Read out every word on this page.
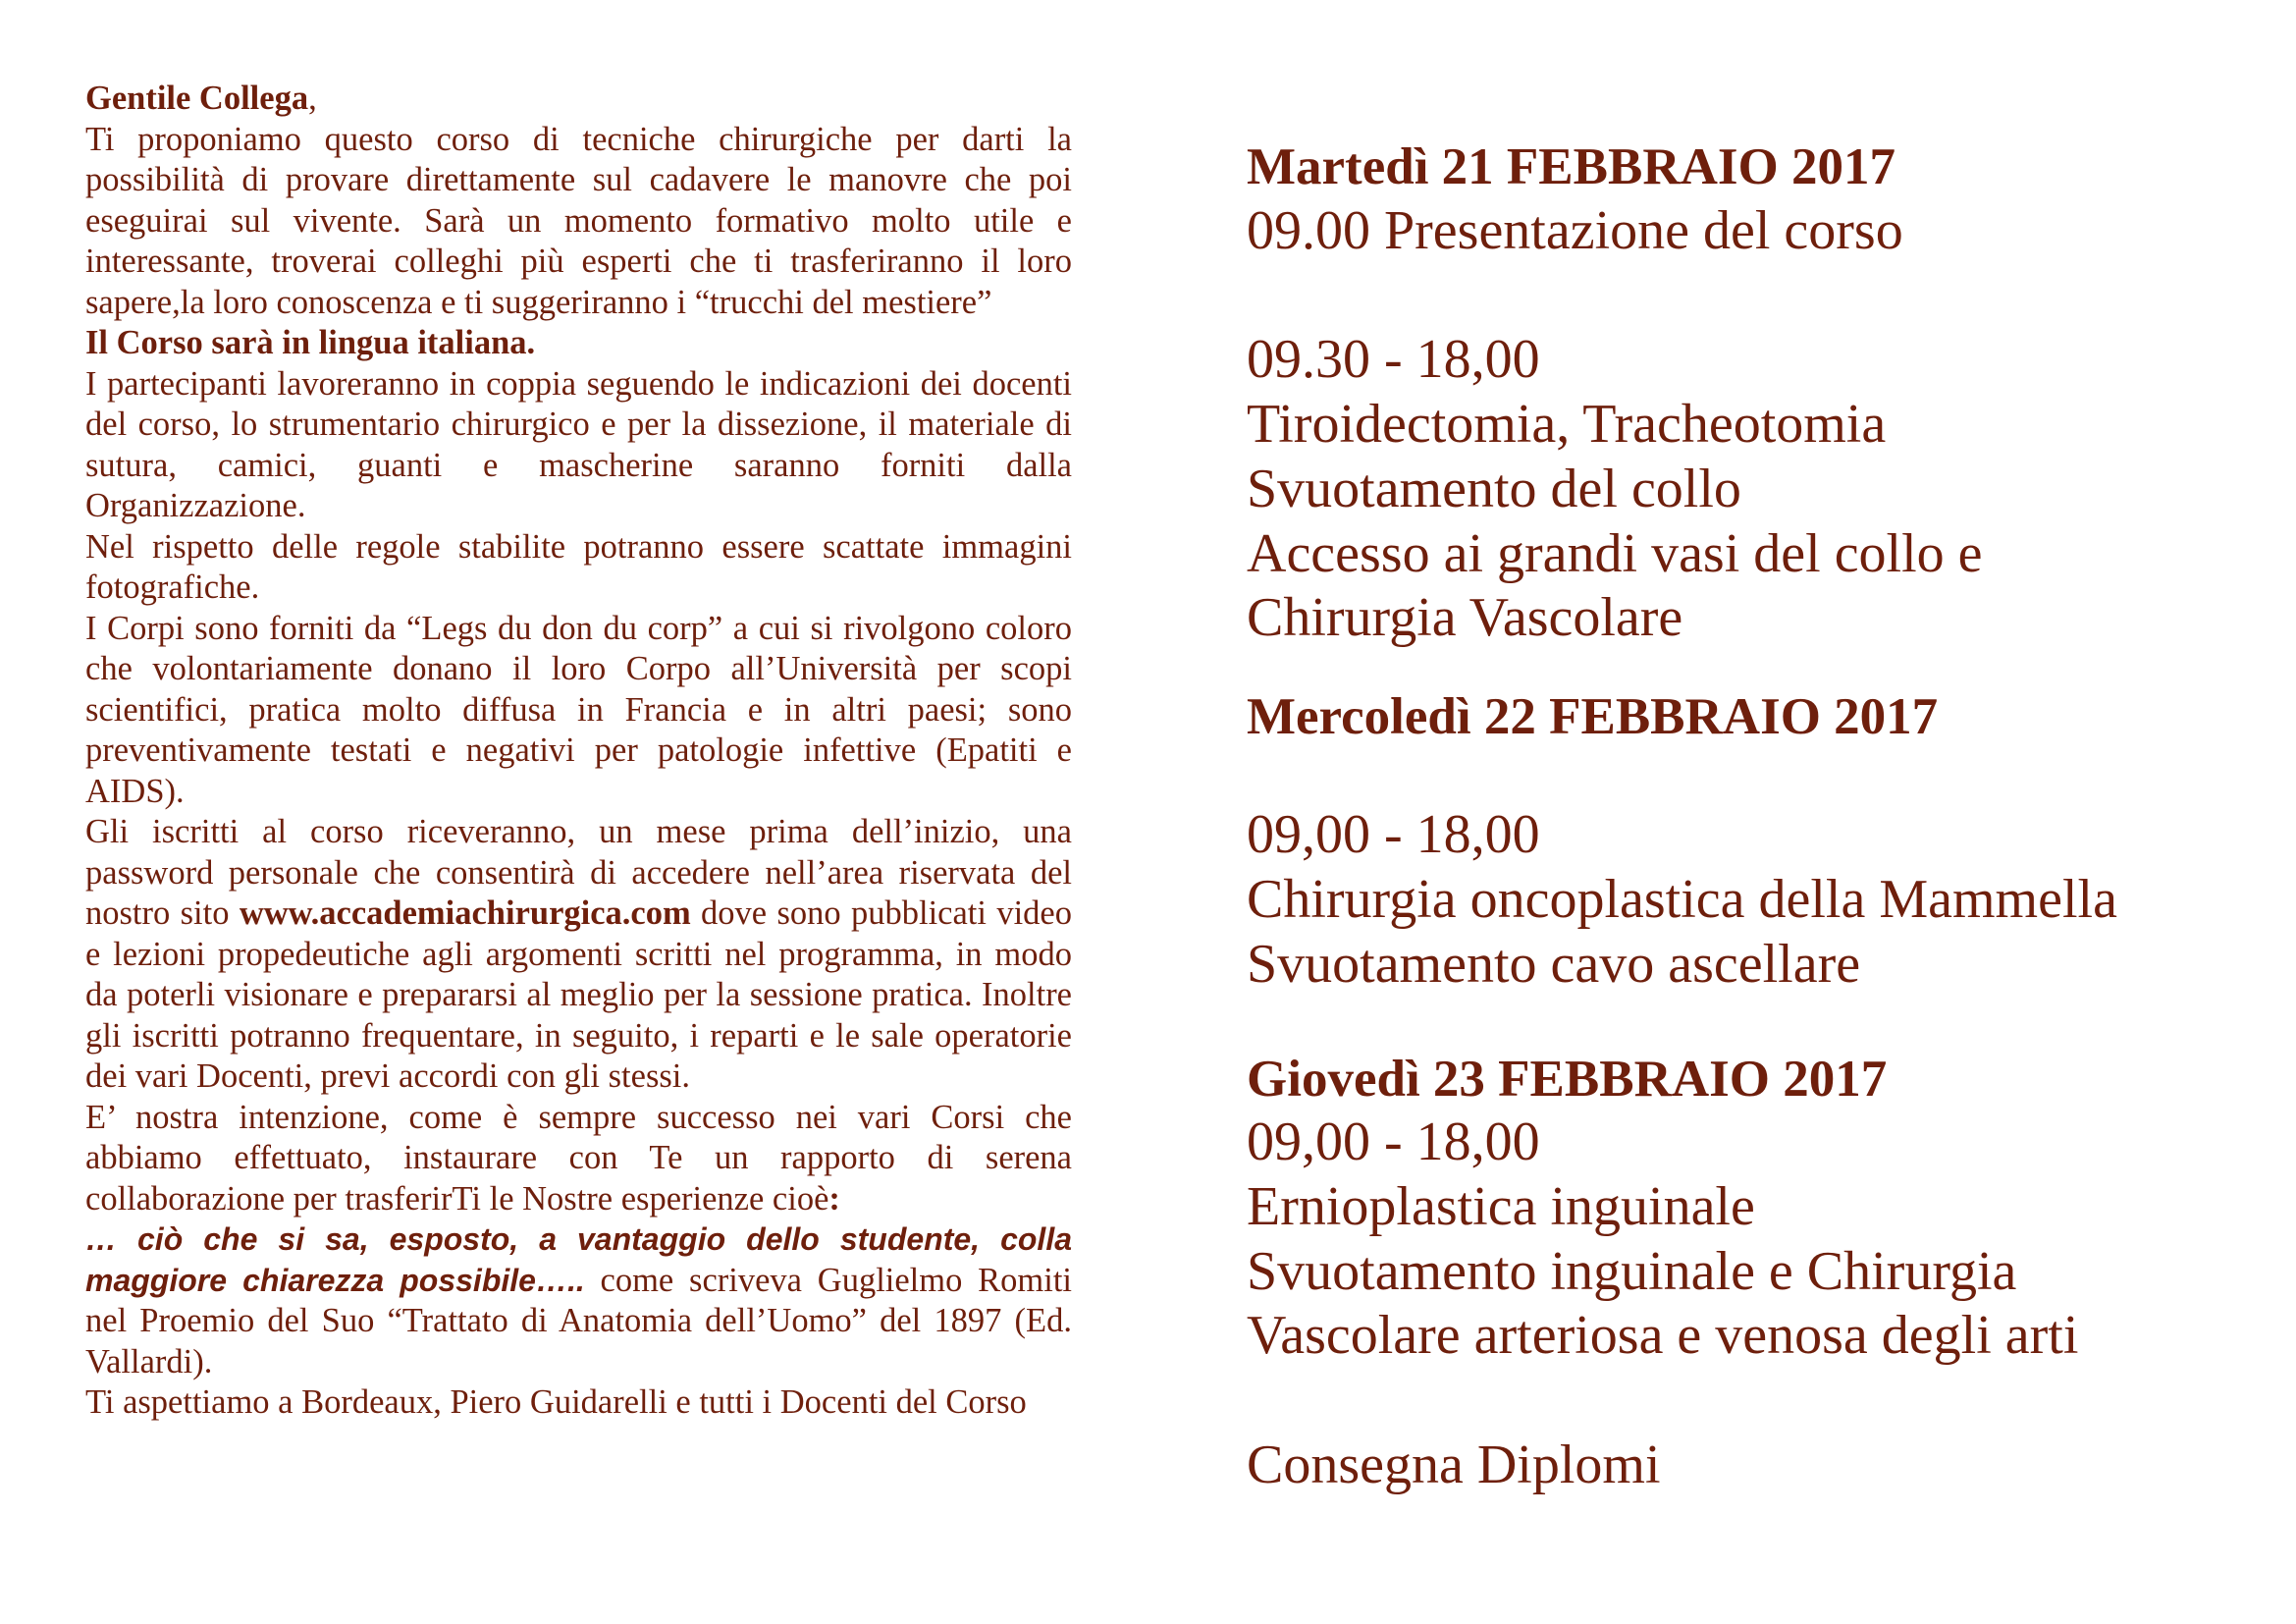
Gentile Collega,

Ti proponiamo questo corso di tecniche chirurgiche per darti la possibilità di provare direttamente sul cadavere le manovre che poi eseguirai sul vivente. Sarà un momento formativo molto utile e interessante, troverai colleghi più esperti che ti trasferiranno il loro sapere,la loro conoscenza e ti suggeriranno i “trucchi del mestiere”

Il Corso sarà in lingua italiana.

I partecipanti lavoreranno in coppia seguendo le indicazioni dei docenti del corso, lo strumentario chirurgico e per la dissezione, il materiale di sutura, camici, guanti e mascherine saranno forniti dalla Organizzazione.

Nel rispetto delle regole stabilite potranno essere scattate immagini fotografiche.

I Corpi sono forniti da “Legs du don du corp” a cui si rivolgono coloro che volontariamente donano il loro Corpo all’Università per scopi scientifici, pratica molto diffusa in Francia e in altri paesi; sono preventivamente testati e negativi per patologie infettive (Epatiti e AIDS).

Gli iscritti al corso riceveranno, un mese prima dell’inizio, una password personale che consentirà di accedere nell’area riservata del nostro sito www.accademiachirurgica.com dove sono pubblicati video e lezioni propedeutiche agli argomenti scritti nel programma, in modo da poterli visionare e prepararsi al meglio per la sessione pratica. Inoltre gli iscritti potranno frequentare, in seguito, i reparti e le sale operatorie dei vari Docenti, previ accordi con gli stessi.

E’ nostra intenzione, come è sempre successo nei vari Corsi che abbiamo effettuato, instaurare con Te un rapporto di serena collaborazione per trasferirTi le Nostre esperienze cioè:

… ciò che si sa, esposto, a vantaggio dello studente, colla maggiore chiarezza possibile….. come scriveva Guglielmo Romiti nel Proemio del Suo “Trattato di Anatomia dell’Uomo” del 1897 (Ed. Vallardi).

Ti aspettiamo a Bordeaux, Piero Guidarelli e tutti i Docenti del Corso

Martedì 21 FEBBRAIO 2017
09.00 Presentazione del corso
09.30 - 18,00
Tiroidectomia, Tracheotomia
Svuotamento del collo
Accesso ai grandi vasi del collo e
Chirurgia Vascolare
Mercoledì 22 FEBBRAIO 2017
09,00 - 18,00
Chirurgia oncoplastica della Mammella
Svuotamento cavo ascellare
Giovedì 23 FEBBRAIO 2017
09,00 - 18,00
Ernioplastica inguinale
Svuotamento inguinale e Chirurgia
Vascolare arteriosa e venosa degli arti
Consegna Diplomi
